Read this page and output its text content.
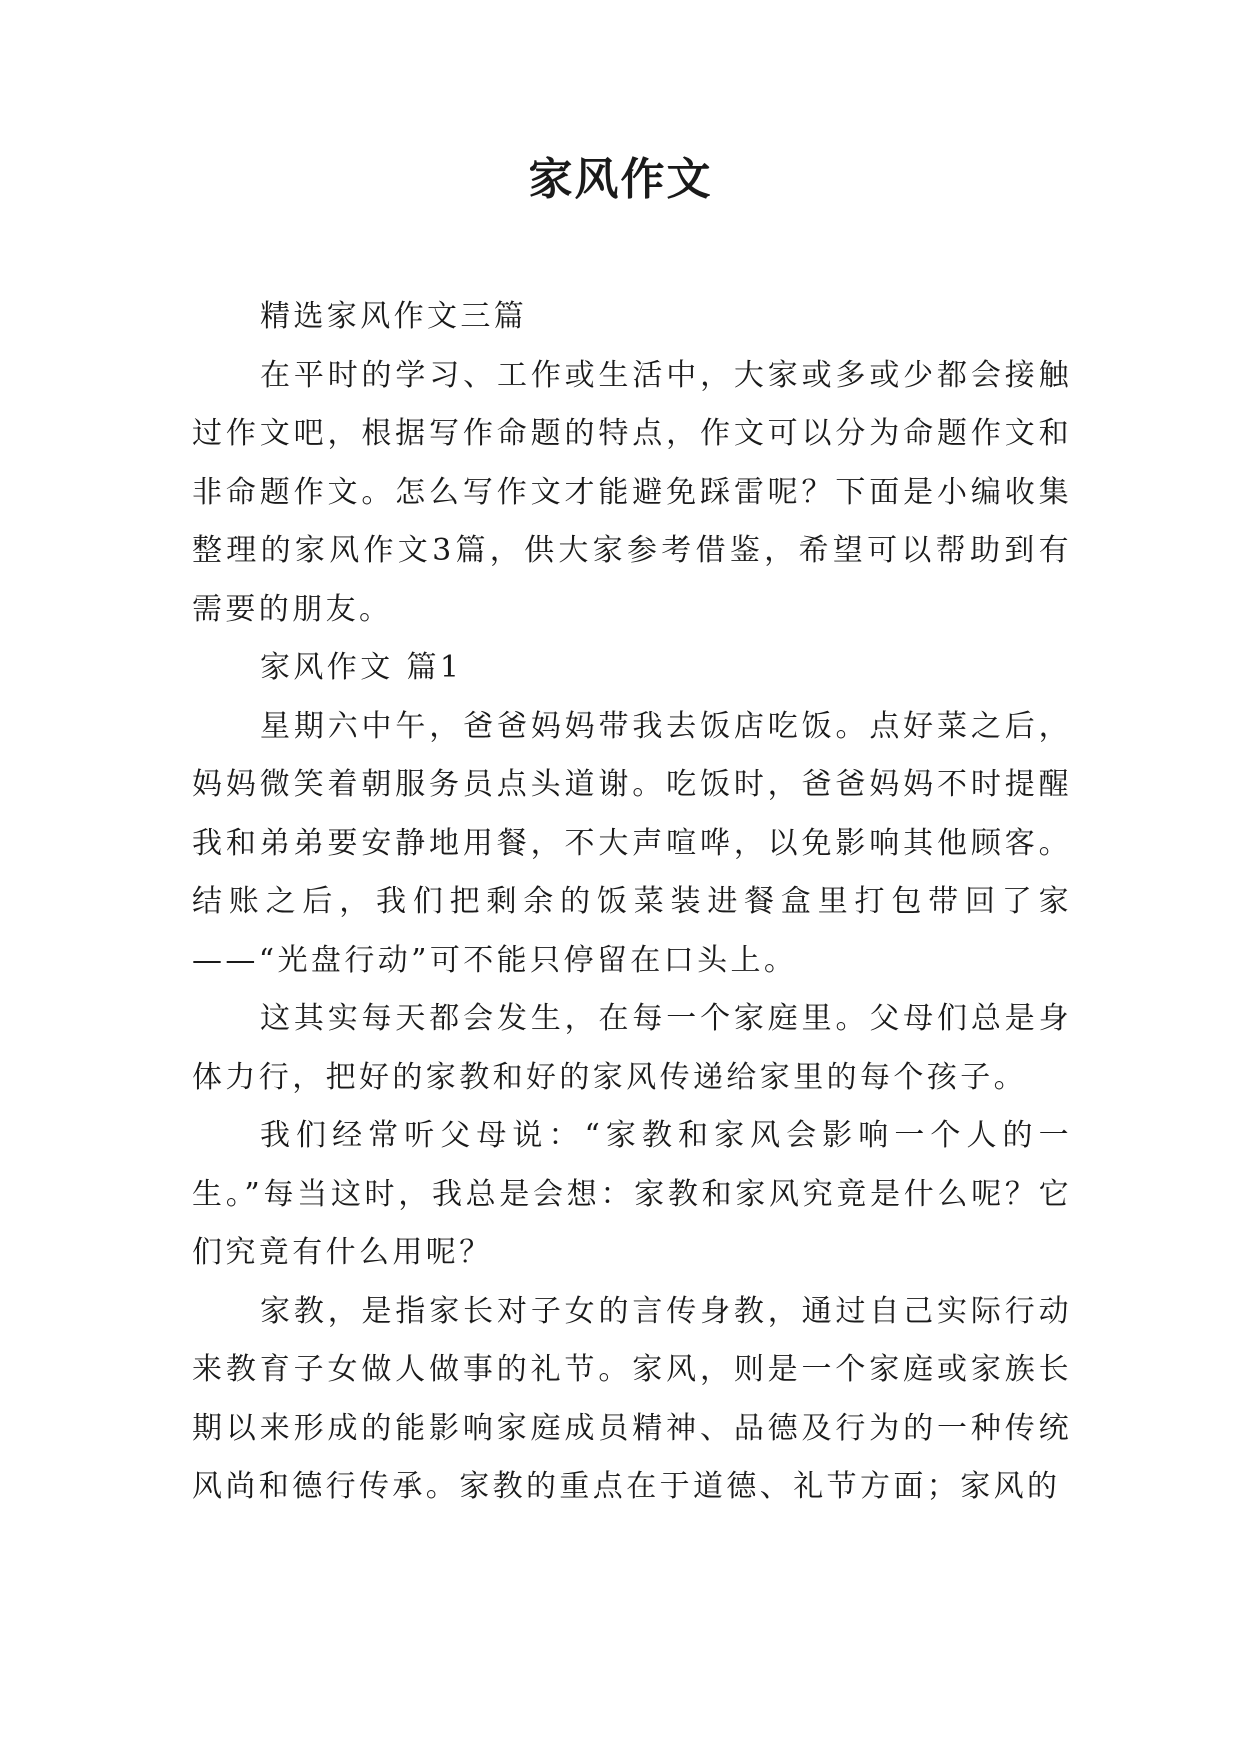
家风作文

精选家风作文三篇

在平时的学习、工作或生活中，大家或多或少都会接触过作文吧，根据写作命题的特点，作文可以分为命题作文和非命题作文。怎么写作文才能避免踩雷呢？下面是小编收集整理的家风作文3篇，供大家参考借鉴，希望可以帮助到有需要的朋友。

家风作文 篇1

星期六中午，爸爸妈妈带我去饭店吃饭。点好菜之后，妈妈微笑着朝服务员点头道谢。吃饭时，爸爸妈妈不时提醒我和弟弟要安静地用餐，不大声喧哗，以免影响其他顾客。结账之后，我们把剩余的饭菜装进餐盒里打包带回了家——“光盘行动”可不能只停留在口头上。

这其实每天都会发生，在每一个家庭里。父母们总是身体力行，把好的家教和好的家风传递给家里的每个孩子。

我们经常听父母说：“家教和家风会影响一个人的一生。”每当这时，我总是会想：家教和家风究竟是什么呢？它们究竟有什么用呢？

家教，是指家长对子女的言传身教，通过自己实际行动来教育子女做人做事的礼节。家风，则是一个家庭或家族长期以来形成的能影响家庭成员精神、品德及行为的一种传统风尚和德行传承。家教的重点在于道德、礼节方面；家风的
